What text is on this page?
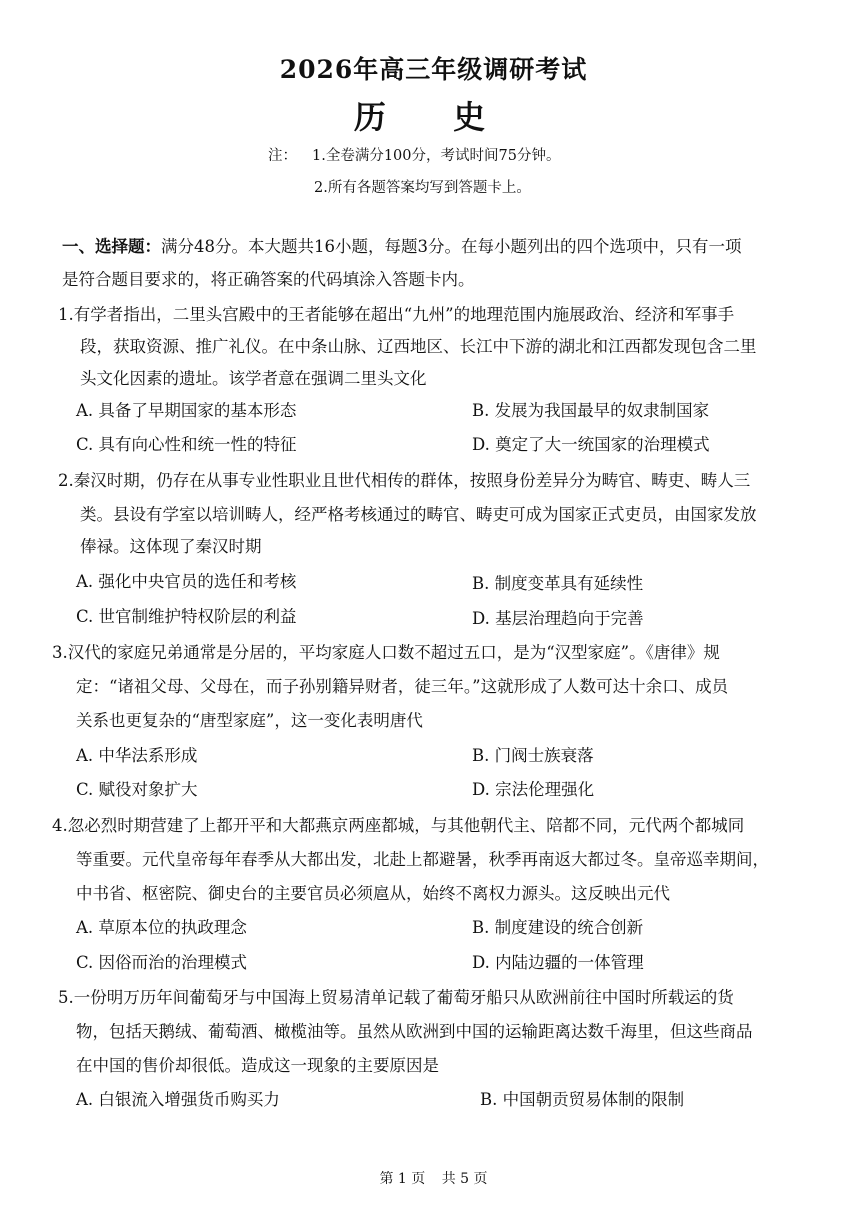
2026年高三年级调研考试
历 史
注： 1.全卷满分100分，考试时间75分钟。
2.所有各题答案均写到答题卡上。
一、选择题：满分48分。本大题共16小题，每题3分。在每小题列出的四个选项中，只有一项
是符合题目要求的，将正确答案的代码填涂入答题卡内。
1.有学者指出，二里头宫殿中的王者能够在超出“九州”的地理范围内施展政治、经济和军事手
段，获取资源、推广礼仪。在中条山脉、辽西地区、长江中下游的湖北和江西都发现包含二里
头文化因素的遗址。该学者意在强调二里头文化
A. 具备了早期国家的基本形态	B. 发展为我国最早的奴隶制国家
C. 具有向心性和统一性的特征	D. 奠定了大一统国家的治理模式
2.秦汉时期，仍存在从事专业性职业且世代相传的群体，按照身份差异分为畴官、畴吏、畴人三
类。县设有学室以培训畴人，经严格考核通过的畴官、畴吏可成为国家正式吏员，由国家发放
俸禄。这体现了秦汉时期
A. 强化中央官员的选任和考核	B. 制度变革具有延续性
C. 世官制维护特权阶层的利益	D. 基层治理趋向于完善
3.汉代的家庭兄弟通常是分居的，平均家庭人口数不超过五口，是为“汉型家庭”。《唐律》规
定：“诸祖父母、父母在，而子孙别籍异财者，徒三年。”这就形成了人数可达十余口、成员
关系也更复杂的“唐型家庭”，这一变化表明唐代
A. 中华法系形成	B. 门阀士族衰落
C. 赋役对象扩大	D. 宗法伦理强化
4.忽必烈时期营建了上都开平和大都燕京两座都城，与其他朝代主、陪都不同，元代两个都城同
等重要。元代皇帝每年春季从大都出发，北赴上都避暑，秋季再南返大都过冬。皇帝巡幸期间，
中书省、枢密院、御史台的主要官员必须扈从，始终不离权力源头。这反映出元代
A. 草原本位的执政理念	B. 制度建设的统合创新
C. 因俗而治的治理模式	D. 内陆边疆的一体管理
5.一份明万历年间葡萄牙与中国海上贸易清单记载了葡萄牙船只从欧洲前往中国时所载运的货
物，包括天鹅绒、葡萄酒、橄榄油等。虽然从欧洲到中国的运输距离达数千海里，但这些商品
在中国的售价却很低。造成这一现象的主要原因是
A. 白银流入增强货币购买力	B. 中国朝贡贸易体制的限制
第 1 页 共 5 页
